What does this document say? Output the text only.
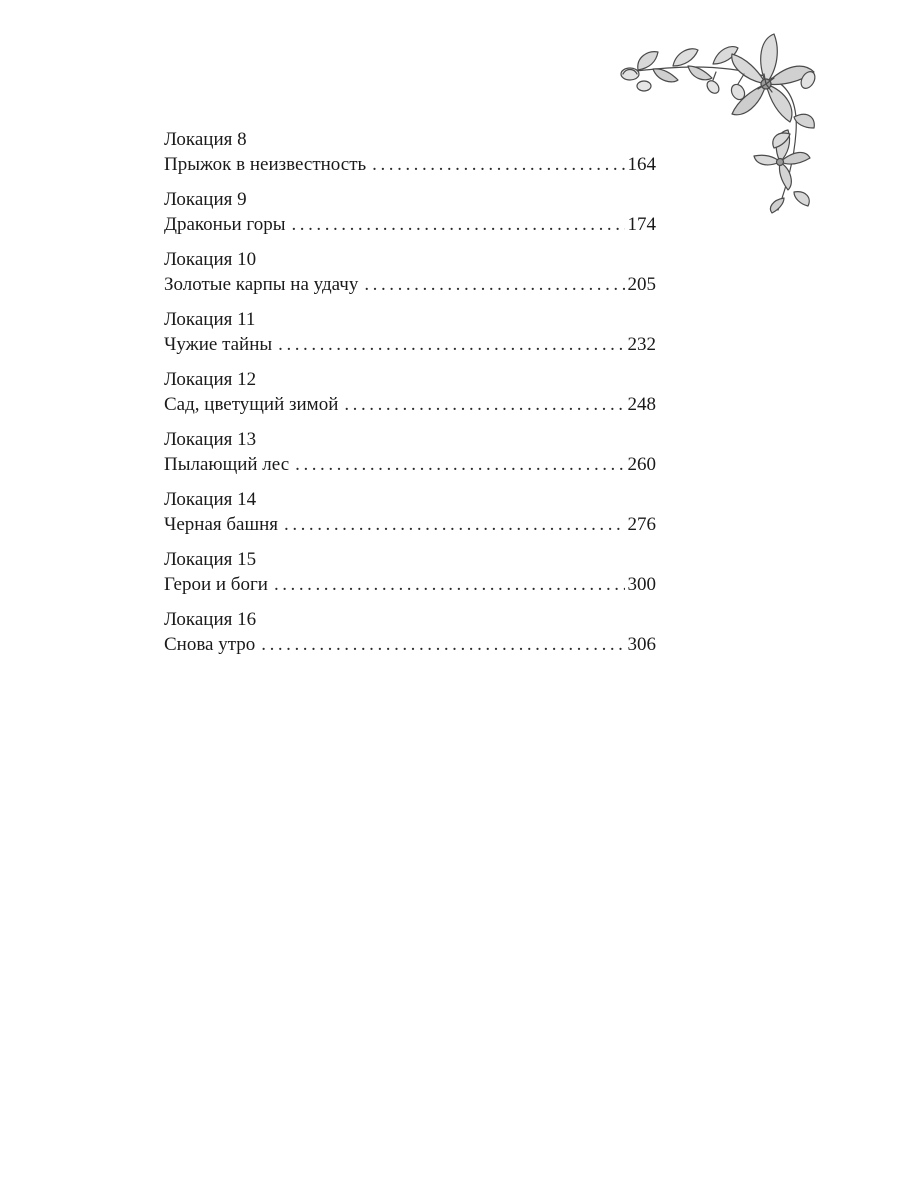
Локация 8
Прыжок в неизвестность . . .	164
Локация 9
Драконьи горы . . .	174
Локация 10
Золотые карпы на удачу . . .	205
Локация 11
Чужие тайны . . .	232
Локация 12
Сад, цветущий зимой . . .	248
Локация 13
Пылающий лес . . .	260
Локация 14
Черная башня . . .	276
Локация 15
Герои и боги . . .	300
Локация 16
Снова утро . . .	306
